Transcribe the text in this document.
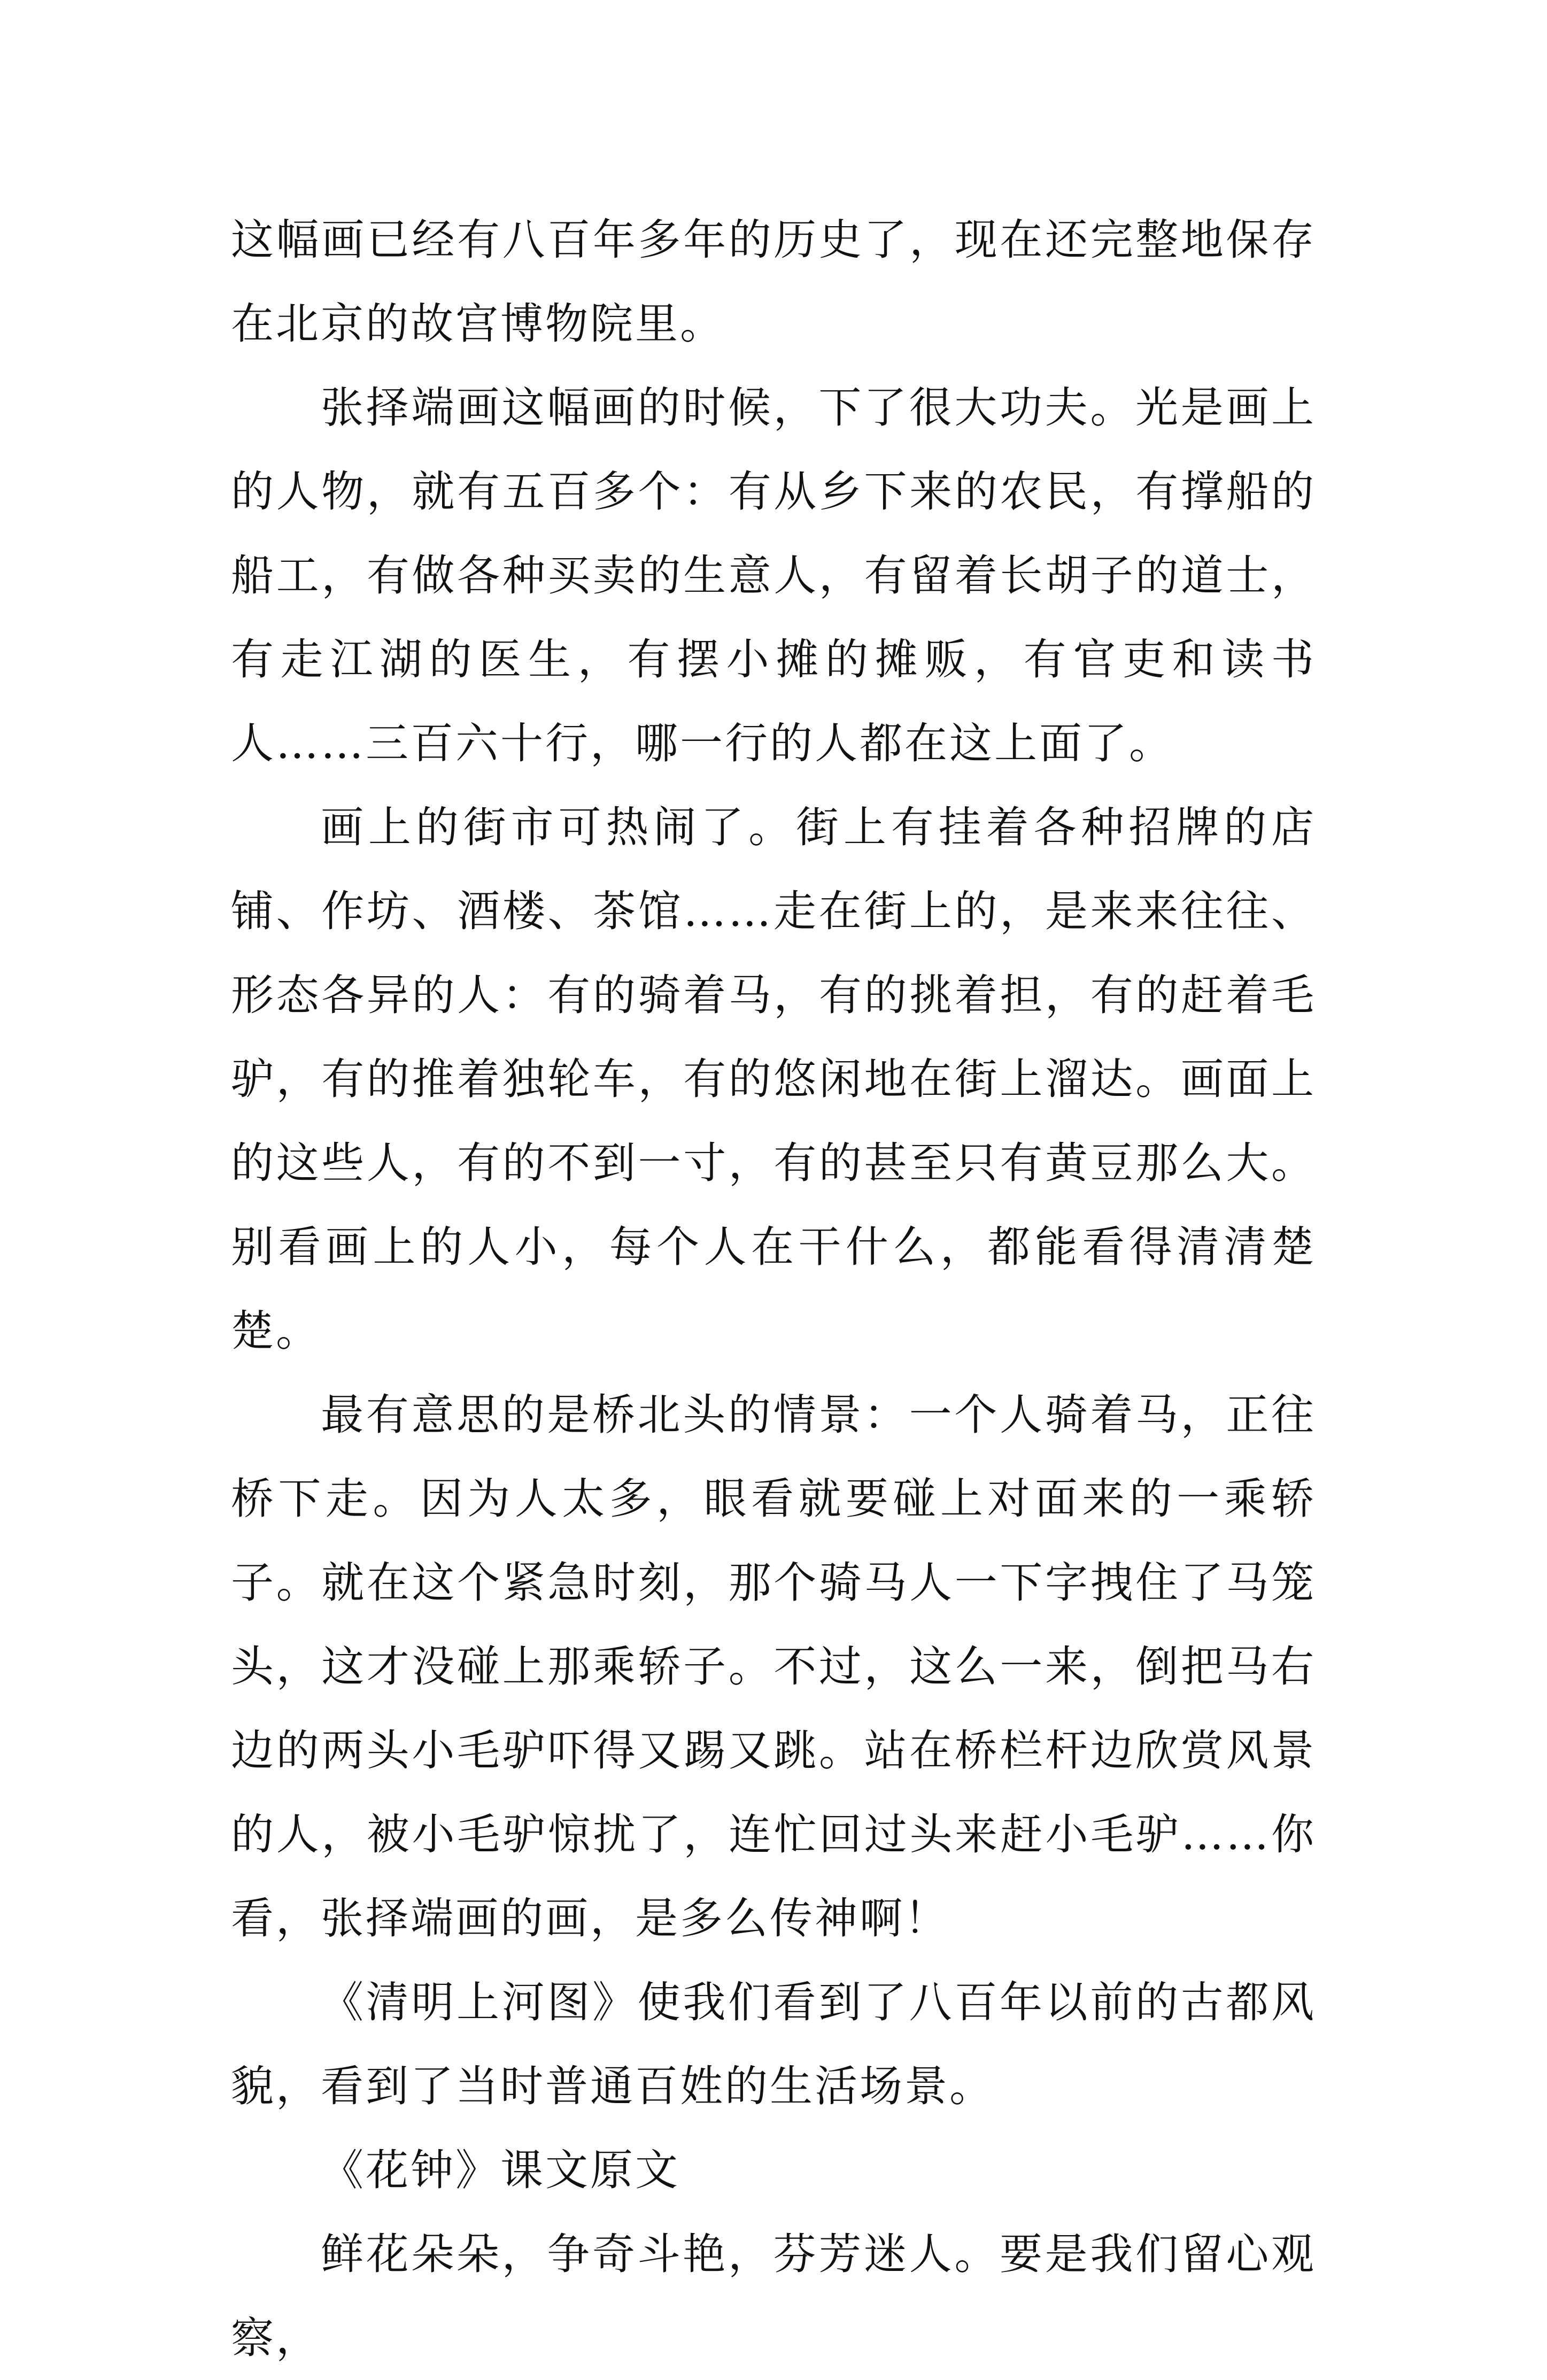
这幅画已经有八百年多年的历史了，现在还完整地保存在北京的故宫博物院里。

张择端画这幅画的时候，下了很大功夫。光是画上的人物，就有五百多个：有从乡下来的农民，有撑船的船工，有做各种买卖的生意人，有留着长胡子的道士，有走江湖的医生，有摆小摊的摊贩，有官吏和读书人……三百六十行，哪一行的人都在这上面了。

画上的街市可热闹了。街上有挂着各种招牌的店铺、作坊、酒楼、茶馆……走在街上的，是来来往往、形态各异的人：有的骑着马，有的挑着担，有的赶着毛驴，有的推着独轮车，有的悠闲地在街上溜达。画面上的这些人，有的不到一寸，有的甚至只有黄豆那么大。别看画上的人小，每个人在干什么，都能看得清清楚楚。

最有意思的是桥北头的情景：一个人骑着马，正往桥下走。因为人太多，眼看就要碰上对面来的一乘轿子。就在这个紧急时刻，那个骑马人一下字拽住了马笼头，这才没碰上那乘轿子。不过，这么一来，倒把马右边的两头小毛驴吓得又踢又跳。站在桥栏杆边欣赏风景的人，被小毛驴惊扰了，连忙回过头来赶小毛驴……你看，张择端画的画，是多么传神啊！

《清明上河图》使我们看到了八百年以前的古都风貌，看到了当时普通百姓的生活场景。

《花钟》课文原文

鲜花朵朵，争奇斗艳，芬芳迷人。要是我们留心观察，
